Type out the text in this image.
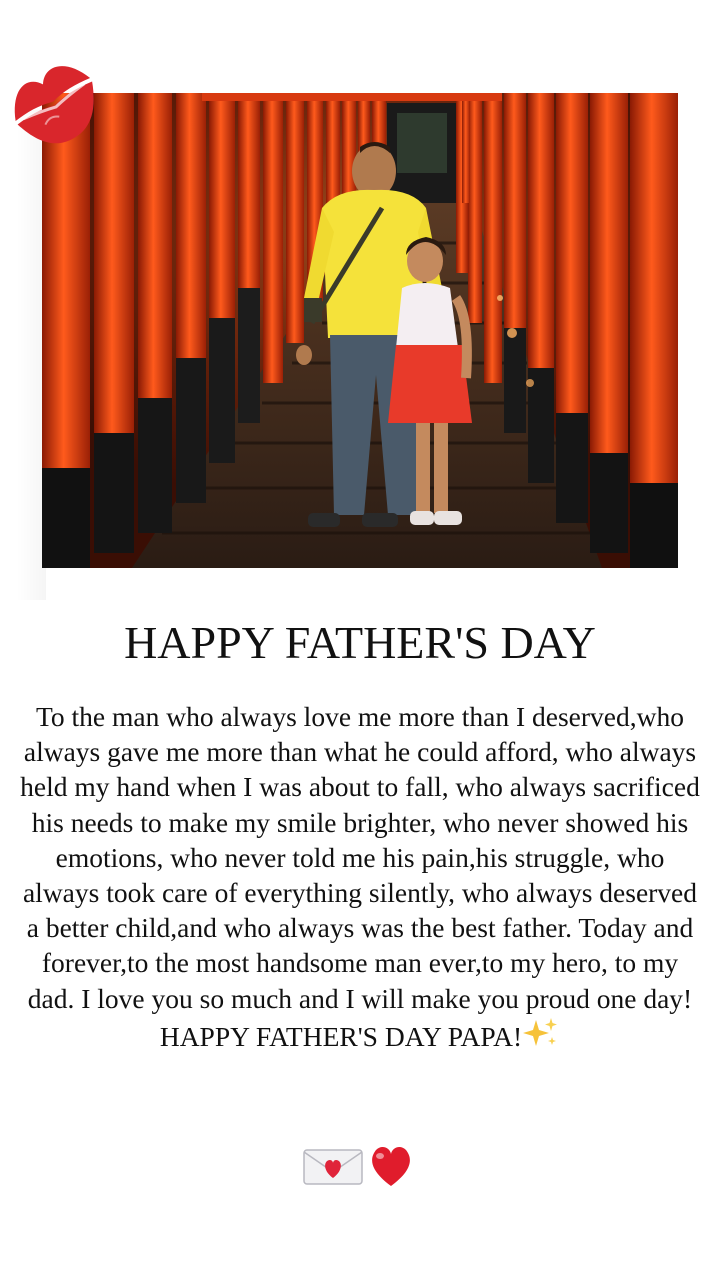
HAPPY FATHER'S DAY
To the man who always love me more than I deserved,who always gave me more than what he could afford, who always held my hand when I was about to fall, who always sacrificed his needs to make my smile brighter, who never showed his emotions, who never told me his pain,his struggle, who always took care of everything silently, who always deserved a better child,and who always was the best father. Today and forever,to the most handsome man ever,to my hero, to my dad. I love you so much and I will make you proud one day! HAPPY FATHER'S DAY PAPA!
